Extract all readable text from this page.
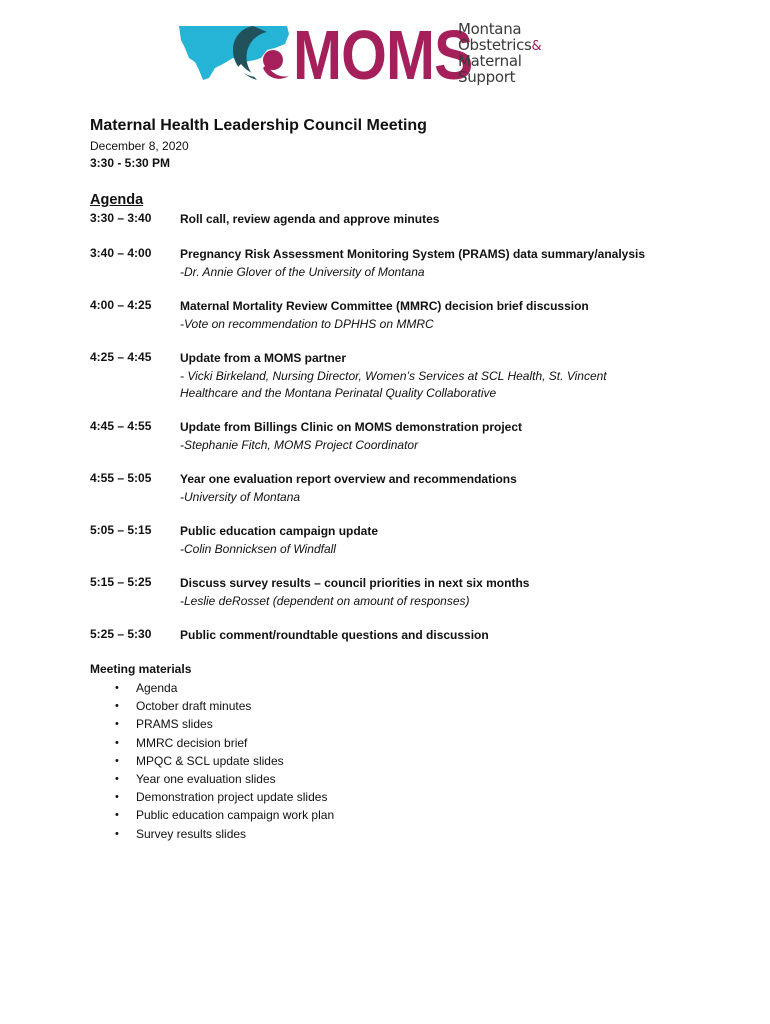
MOMS
Montana
Obstetrics&
Maternal
Support
Maternal Health Leadership Council Meeting
December 8, 2020
3:30 - 5:30 PM
Agenda
3:30 – 3:40 Roll call, review agenda and approve minutes
3:40 – 4:00 Pregnancy Risk Assessment Monitoring System (PRAMS) data summary/analysis
-Dr. Annie Glover of the University of Montana
4:00 – 4:25 Maternal Mortality Review Committee (MMRC) decision brief discussion
-Vote on recommendation to DPHHS on MMRC
4:25 – 4:45 Update from a MOMS partner
- Vicki Birkeland, Nursing Director, Women’s Services at SCL Health, St. Vincent Healthcare and the Montana Perinatal Quality Collaborative
4:45 – 4:55 Update from Billings Clinic on MOMS demonstration project
-Stephanie Fitch, MOMS Project Coordinator
4:55 – 5:05 Year one evaluation report overview and recommendations
-University of Montana
5:05 – 5:15 Public education campaign update
-Colin Bonnicksen of Windfall
5:15 – 5:25 Discuss survey results – council priorities in next six months
-Leslie deRosset (dependent on amount of responses)
5:25 – 5:30 Public comment/roundtable questions and discussion
Meeting materials
• Agenda
• October draft minutes
• PRAMS slides
• MMRC decision brief
• MPQC & SCL update slides
• Year one evaluation slides
• Demonstration project update slides
• Public education campaign work plan
• Survey results slides
